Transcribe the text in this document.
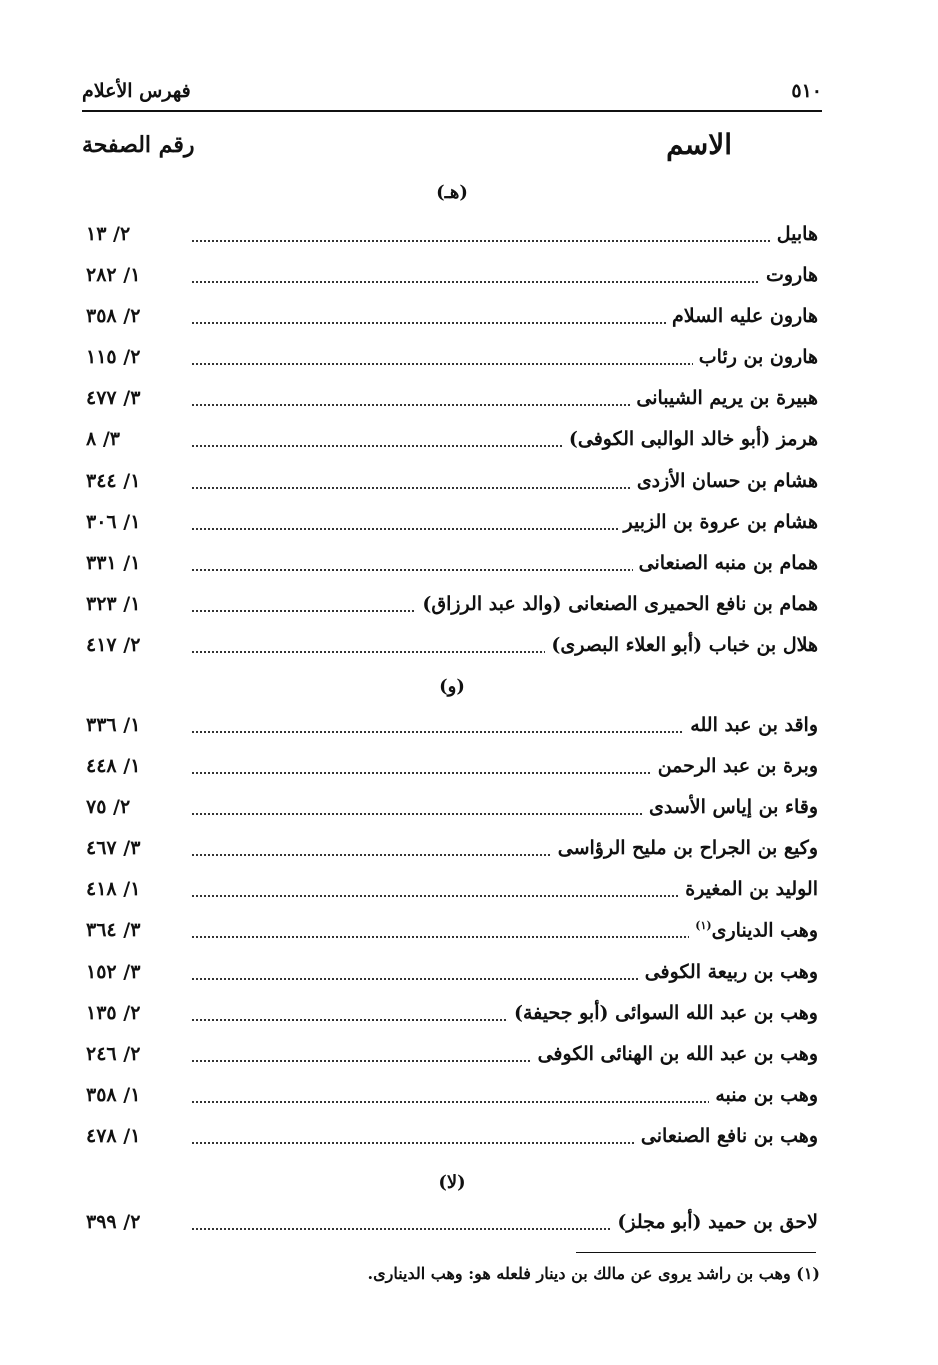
٥١٠
فهرس الأعلام
الاسم
رقم الصفحة
(هـ)
هابيل
٢/ ١٣
هاروت
١/ ٢٨٢
هارون عليه السلام
٢/ ٣٥٨
هارون بن رئاب
٢/ ١١٥
هبيرة بن يريم الشيبانى
٣/ ٤٧٧
هرمز (أبو خالد الوالبى الكوفى)
٣/ ٨
هشام بن حسان الأزدى
١/ ٣٤٤
هشام بن عروة بن الزبير
١/ ٣٠٦
همام بن منبه الصنعانى
١/ ٣٣١
همام بن نافع الحميرى الصنعانى (والد عبد الرزاق)
١/ ٣٢٣
هلال بن خباب (أبو العلاء البصرى)
٢/ ٤١٧
(و)
واقد بن عبد الله
١/ ٣٣٦
وبرة بن عبد الرحمن
١/ ٤٤٨
وقاء بن إياس الأسدى
٢/ ٧٥
وكيع بن الجراح بن مليح الرؤاسى
٣/ ٤٦٧
الوليد بن المغيرة
١/ ٤١٨
وهب الدينارى$^{(١)}$
٣/ ٣٦٤
وهب بن ربيعة الكوفى
٣/ ١٥٢
وهب بن عبد الله السوائى (أبو جحيفة)
٢/ ١٣٥
وهب بن عبد الله بن الهنائى الكوفى
٢/ ٢٤٦
وهب بن منبه
١/ ٣٥٨
وهب بن نافع الصنعانى
١/ ٤٧٨
(لا)
لاحق بن حميد (أبو مجلز)
٢/ ٣٩٩
(١) وهب بن راشد يروى عن مالك بن دينار فلعله هو: وهب الدينارى.
